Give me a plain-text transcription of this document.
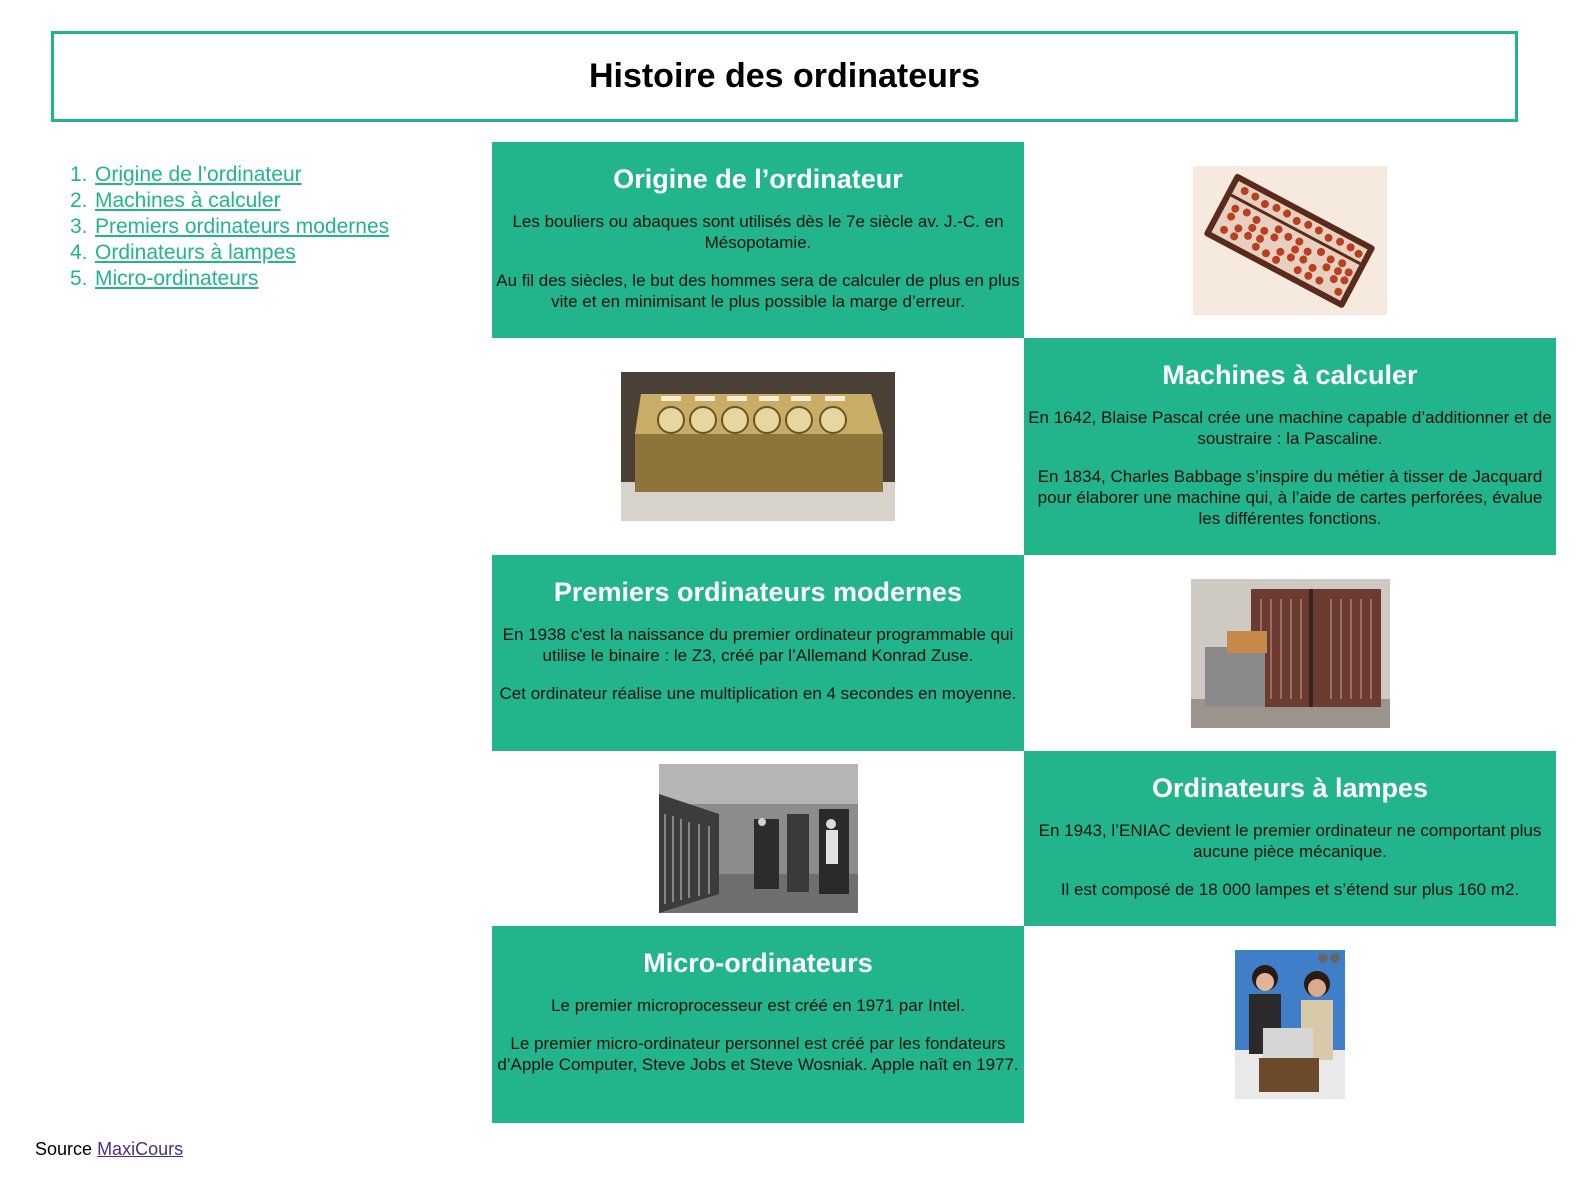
Histoire des ordinateurs
1. Origine de l’ordinateur
2. Machines à calculer
3. Premiers ordinateurs modernes
4. Ordinateurs à lampes
5. Micro-ordinateurs
Origine de l’ordinateur

Les bouliers ou abaques sont utilisés dès le 7e siècle av. J.-C. en Mésopotamie.

Au fil des siècles, le but des hommes sera de calculer de plus en plus vite et en minimisant le plus possible la marge d’erreur.

Machines à calculer

En 1642, Blaise Pascal crée une machine capable d’additionner et de soustraire : la Pascaline.

En 1834, Charles Babbage s’inspire du métier à tisser de Jacquard pour élaborer une machine qui, à l’aide de cartes perforées, évalue les différentes fonctions.

Premiers ordinateurs modernes

En 1938 c'est la naissance du premier ordinateur programmable qui utilise le binaire : le Z3, créé par l’Allemand Konrad Zuse.

Cet ordinateur réalise une multiplication en 4 secondes en moyenne.

Ordinateurs à lampes

En 1943, l’ENIAC devient le premier ordinateur ne comportant plus aucune pièce mécanique.

Il est composé de 18 000 lampes et s’étend sur plus 160 m2.

Micro-ordinateurs

Le premier microprocesseur est créé en 1971 par Intel.

Le premier micro-ordinateur personnel est créé par les fondateurs d’Apple Computer, Steve Jobs et Steve Wosniak. Apple naît en 1977.

Source MaxiCours
